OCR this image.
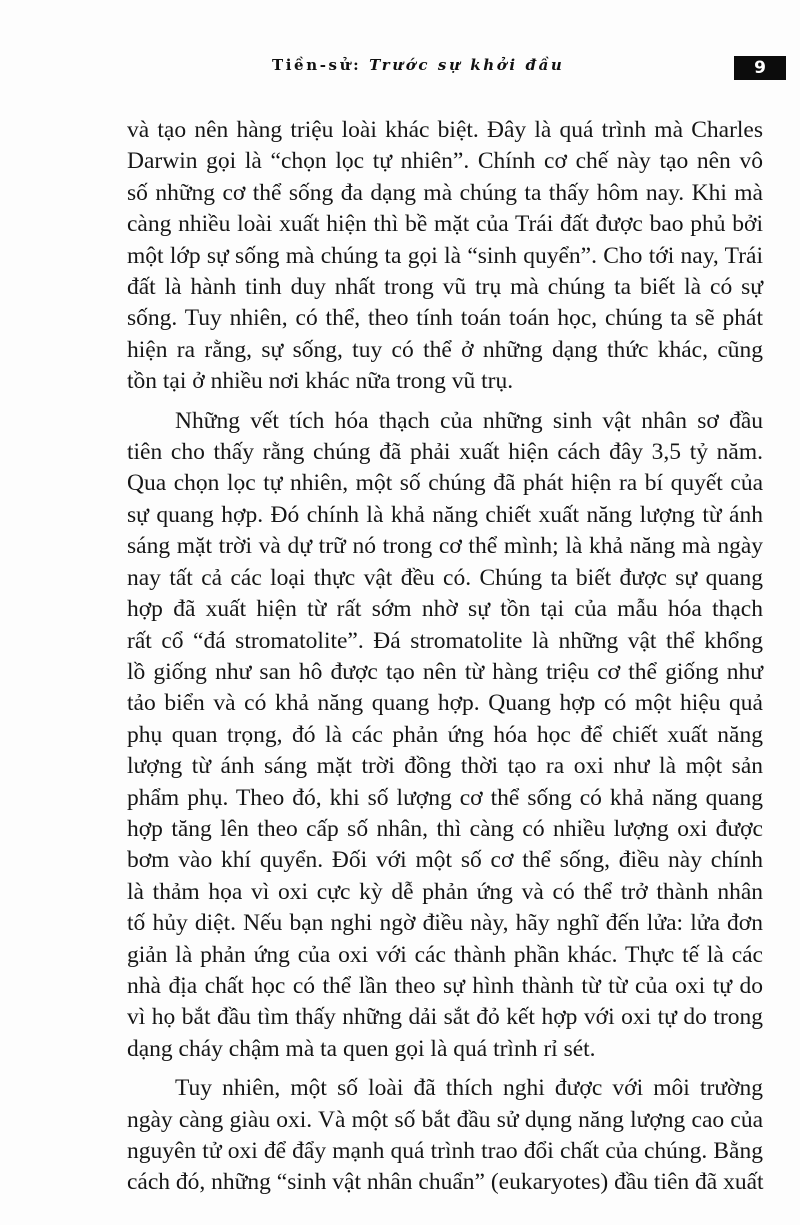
Tiền-sử: Trước sự khởi đầu	9
và tạo nên hàng triệu loài khác biệt. Đây là quá trình mà Charles
Darwin gọi là “chọn lọc tự nhiên”. Chính cơ chế này tạo nên vô
số những cơ thể sống đa dạng mà chúng ta thấy hôm nay. Khi mà
càng nhiều loài xuất hiện thì bề mặt của Trái đất được bao phủ bởi
một lớp sự sống mà chúng ta gọi là “sinh quyển”. Cho tới nay, Trái
đất là hành tinh duy nhất trong vũ trụ mà chúng ta biết là có sự
sống. Tuy nhiên, có thể, theo tính toán toán học, chúng ta sẽ phát
hiện ra rằng, sự sống, tuy có thể ở những dạng thức khác, cũng
tồn tại ở nhiều nơi khác nữa trong vũ trụ.
Những vết tích hóa thạch của những sinh vật nhân sơ đầu
tiên cho thấy rằng chúng đã phải xuất hiện cách đây 3,5 tỷ năm.
Qua chọn lọc tự nhiên, một số chúng đã phát hiện ra bí quyết của
sự quang hợp. Đó chính là khả năng chiết xuất năng lượng từ ánh
sáng mặt trời và dự trữ nó trong cơ thể mình; là khả năng mà ngày
nay tất cả các loại thực vật đều có. Chúng ta biết được sự quang
hợp đã xuất hiện từ rất sớm nhờ sự tồn tại của mẫu hóa thạch
rất cổ “đá stromatolite”. Đá stromatolite là những vật thể khổng
lồ giống như san hô được tạo nên từ hàng triệu cơ thể giống như
tảo biển và có khả năng quang hợp. Quang hợp có một hiệu quả
phụ quan trọng, đó là các phản ứng hóa học để chiết xuất năng
lượng từ ánh sáng mặt trời đồng thời tạo ra oxi như là một sản
phẩm phụ. Theo đó, khi số lượng cơ thể sống có khả năng quang
hợp tăng lên theo cấp số nhân, thì càng có nhiều lượng oxi được
bơm vào khí quyển. Đối với một số cơ thể sống, điều này chính
là thảm họa vì oxi cực kỳ dễ phản ứng và có thể trở thành nhân
tố hủy diệt. Nếu bạn nghi ngờ điều này, hãy nghĩ đến lửa: lửa đơn
giản là phản ứng của oxi với các thành phần khác. Thực tế là các
nhà địa chất học có thể lần theo sự hình thành từ từ của oxi tự do
vì họ bắt đầu tìm thấy những dải sắt đỏ kết hợp với oxi tự do trong
dạng cháy chậm mà ta quen gọi là quá trình rỉ sét.
Tuy nhiên, một số loài đã thích nghi được với môi trường
ngày càng giàu oxi. Và một số bắt đầu sử dụng năng lượng cao của
nguyên tử oxi để đẩy mạnh quá trình trao đổi chất của chúng. Bằng
cách đó, những “sinh vật nhân chuẩn” (eukaryotes) đầu tiên đã xuất
